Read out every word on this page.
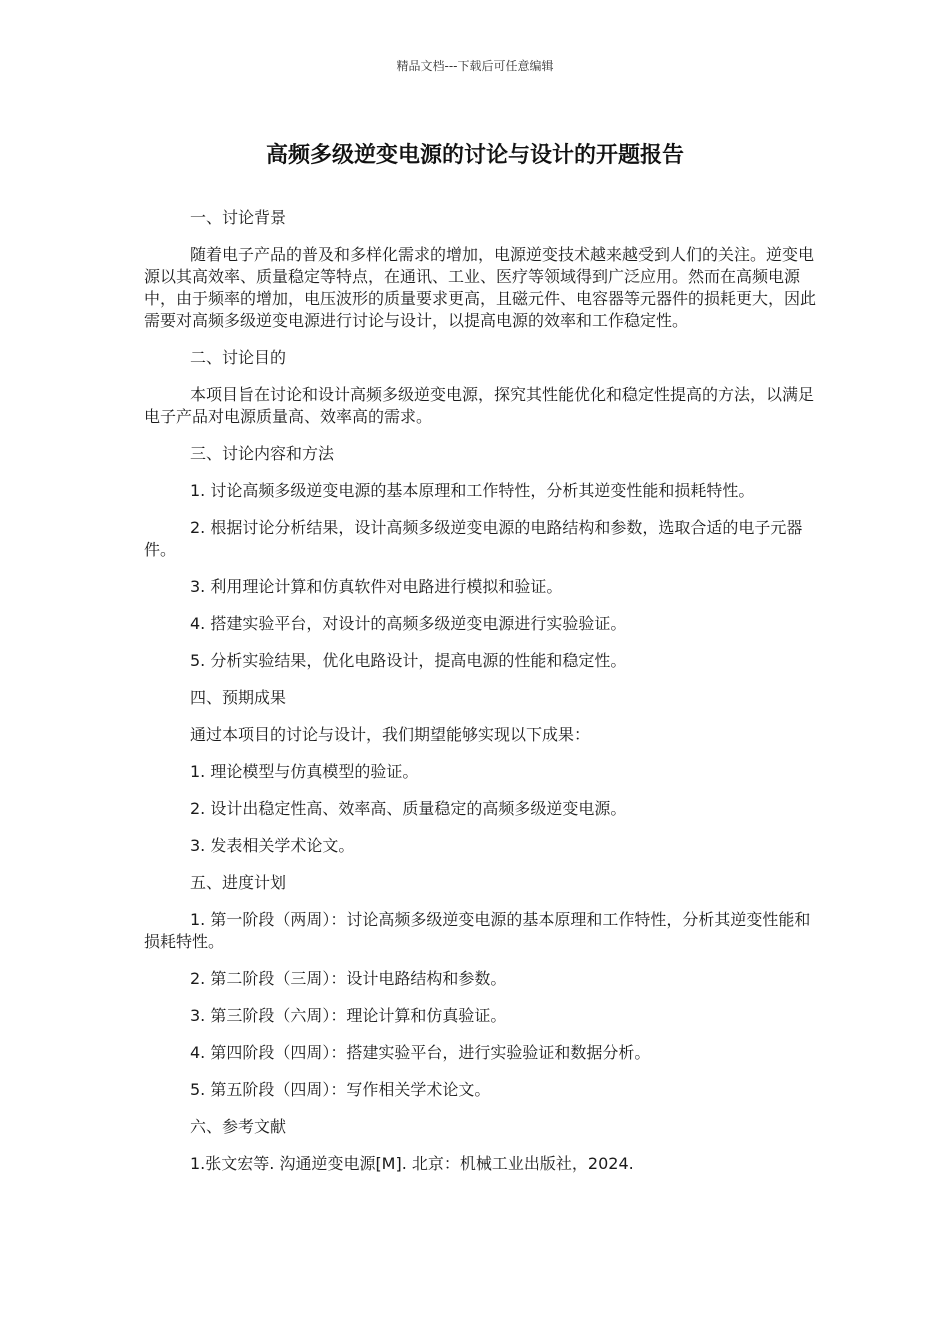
精品文档---下载后可任意编辑
高频多级逆变电源的讨论与设计的开题报告

一、讨论背景

随着电子产品的普及和多样化需求的增加，电源逆变技术越来越受到人们的关注。逆变电源以其高效率、质量稳定等特点，在通讯、工业、医疗等领域得到广泛应用。然而在高频电源中，由于频率的增加，电压波形的质量要求更高，且磁元件、电容器等元器件的损耗更大，因此需要对高频多级逆变电源进行讨论与设计，以提高电源的效率和工作稳定性。

二、讨论目的

本项目旨在讨论和设计高频多级逆变电源，探究其性能优化和稳定性提高的方法，以满足电子产品对电源质量高、效率高的需求。

三、讨论内容和方法

1. 讨论高频多级逆变电源的基本原理和工作特性，分析其逆变性能和损耗特性。

2. 根据讨论分析结果，设计高频多级逆变电源的电路结构和参数，选取合适的电子元器件。

3. 利用理论计算和仿真软件对电路进行模拟和验证。

4. 搭建实验平台，对设计的高频多级逆变电源进行实验验证。

5. 分析实验结果，优化电路设计，提高电源的性能和稳定性。

四、预期成果

通过本项目的讨论与设计，我们期望能够实现以下成果：

1. 理论模型与仿真模型的验证。

2. 设计出稳定性高、效率高、质量稳定的高频多级逆变电源。

3. 发表相关学术论文。

五、进度计划

1. 第一阶段（两周）：讨论高频多级逆变电源的基本原理和工作特性，分析其逆变性能和损耗特性。

2. 第二阶段（三周）：设计电路结构和参数。

3. 第三阶段（六周）：理论计算和仿真验证。

4. 第四阶段（四周）：搭建实验平台，进行实验验证和数据分析。

5. 第五阶段（四周）：写作相关学术论文。

六、参考文献

1.张文宏等. 沟通逆变电源[M]. 北京：机械工业出版社，2024.
